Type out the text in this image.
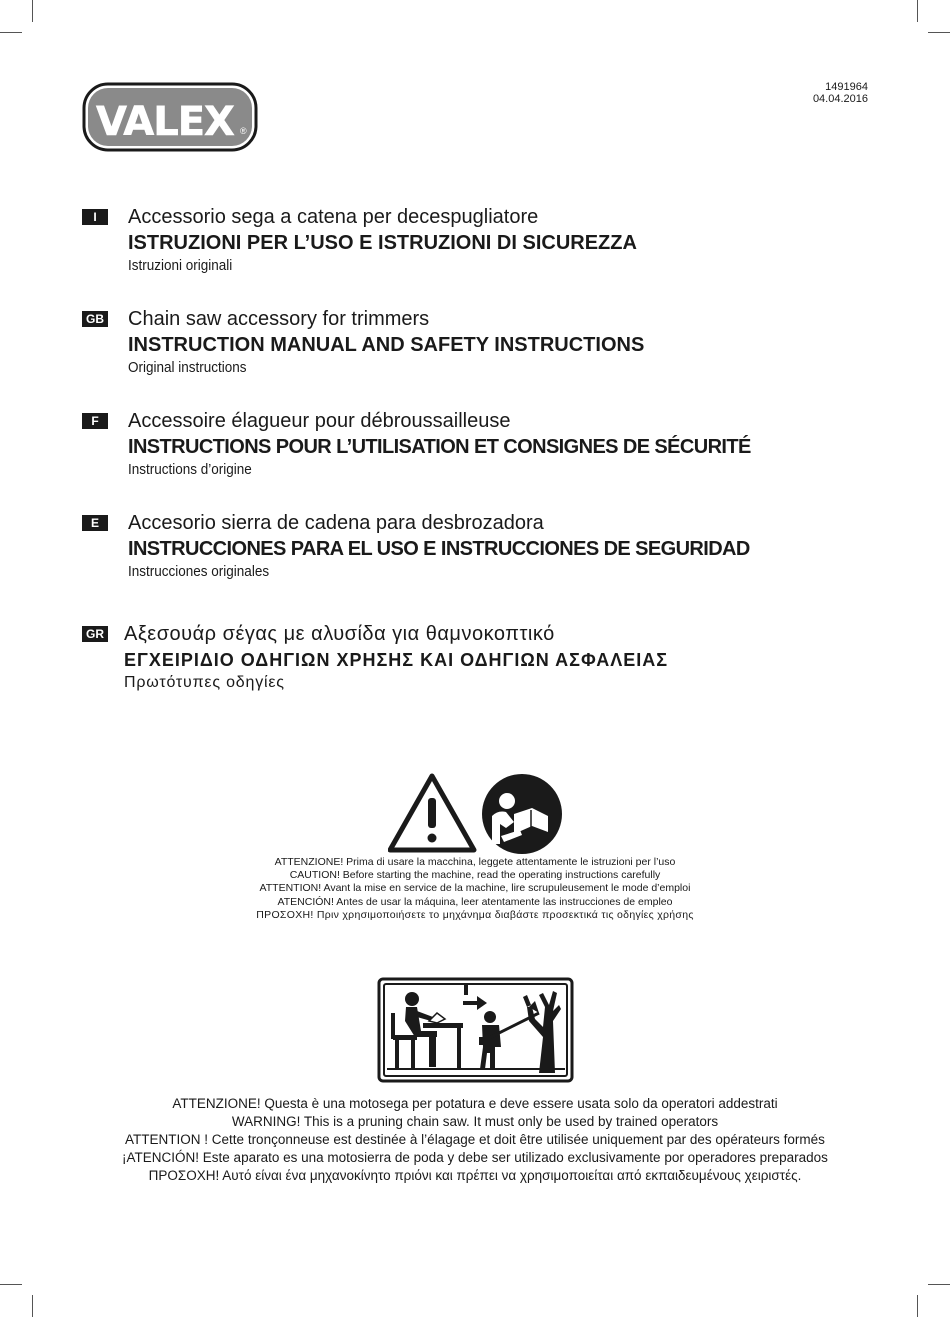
VALEX ®
1491964
04.04.2016
I	Accessorio sega a catena per decespugliatore
ISTRUZIONI PER L’USO E ISTRUZIONI DI SICUREZZA
Istruzioni originali
GB Chain saw accessory for trimmers
INSTRUCTION MANUAL AND SAFETY INSTRUCTIONS
Original instructions
F	Accessoire élagueur pour débroussailleuse
INSTRUCTIONS POUR L’UTILISATION ET CONSIGNES DE SÉCURITÉ
Instructions d’origine
E	Accesorio sierra de cadena para desbrozadora
INSTRUCCIONES PARA EL USO E INSTRUCCIONES DE SEGURIDAD
Instrucciones originales
GR Αξεσουάρ σέγας με αλυσίδα για θαμνοκοπτικό
ΕΓΧΕΙΡΙΔΙΟ ΟΔΗΓΙΩΝ ΧΡΗΣΗΣ ΚΑΙ ΟΔΗΓΙΩΝ ΑΣΦΑΛΕΙΑΣ
Πρωτότυπες οδηγίες
ATTENZIONE! Prima di usare la macchina, leggete attentamente le istruzioni per l’uso
CAUTION! Before starting the machine, read the operating instructions carefully
ATTENTION! Avant la mise en service de la machine, lire scrupuleusement le mode d’emploi
ATENCIÓN! Antes de usar la máquina, leer atentamente las instrucciones de empleo
ΠΡΟΣΟΧΗ! Πριν χρησιμοποιήσετε το μηχάνημα διαβάστε προσεκτικά τις οδηγίες χρήσης
ATTENZIONE! Questa è una motosega per potatura e deve essere usata solo da operatori addestrati
WARNING! This is a pruning chain saw. It must only be used by trained operators
ATTENTION ! Cette tronçonneuse est destinée à l’élagage et doit être utilisée uniquement par des opérateurs formés
¡ATENCIÓN! Este aparato es una motosierra de poda y debe ser utilizado exclusivamente por operadores preparados
ΠΡΟΣΟΧΗ! Αυτό είναι ένα μηχανοκίνητο πριόνι και πρέπει να χρησιμοποιείται από εκπαιδευμένους χειριστές.
